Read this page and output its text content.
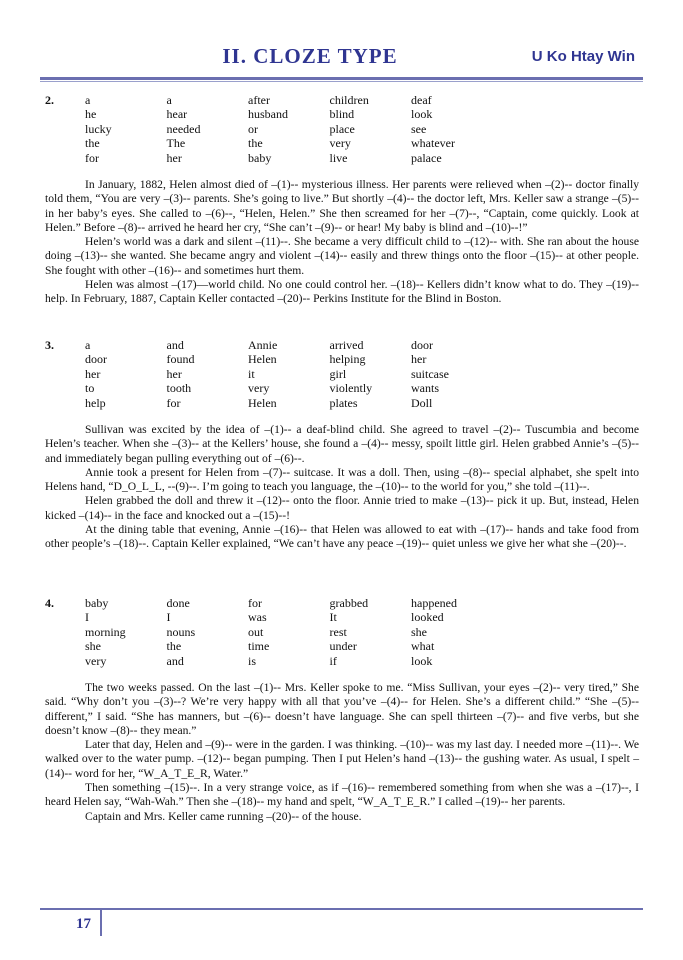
II. CLOZE TYPE	U Ko Htay Win
2.	a	a	after	children	deaf
he	hear	husband	blind	look
lucky	needed	or	place	see
the	The	the	very	whatever
for	her	baby	live	palace

In January, 1882, Helen almost died of –(1)-- mysterious illness. Her parents were relieved when –(2)-- doctor finally told them, “You are very –(3)-- parents. She’s going to live.” But shortly –(4)-- the doctor left, Mrs. Keller saw a strange –(5)-- in her baby’s eyes. She called to –(6)--, “Helen, Helen.” She then screamed for her –(7)--, “Captain, come quickly. Look at Helen.” Before –(8)-- arrived he heard her cry, “She can’t –(9)-- or hear! My baby is blind and –(10)--!”

Helen’s world was a dark and silent –(11)--. She became a very difficult child to –(12)-- with. She ran about the house doing –(13)-- she wanted. She became angry and violent –(14)-- easily and threw things onto the floor –(15)-- at other people. She fought with other –(16)-- and sometimes hurt them.

Helen was almost –(17)—world child. No one could control her. –(18)-- Kellers didn’t know what to do. They –(19)-- help. In February, 1887, Captain Keller contacted –(20)-- Perkins Institute for the Blind in Boston.

3.	a	and	Annie	arrived	door
door	found	Helen	helping	her
her	her	it	girl	suitcase
to	tooth	very	violently	wants
help	for	Helen	plates	Doll

Sullivan was excited by the idea of –(1)-- a deaf-blind child. She agreed to travel –(2)-- Tuscumbia and become Helen’s teacher. When she –(3)-- at the Kellers’ house, she found a –(4)-- messy, spoilt little girl. Helen grabbed Annie’s –(5)-- and immediately began pulling everything out of –(6)--.

Annie took a present for Helen from –(7)-- suitcase. It was a doll. Then, using –(8)-- special alphabet, she spelt into Helens hand, “D_O_L_L, --(9)--. I’m going to teach you language, the –(10)-- to the world for you,” she told –(11)--.

Helen grabbed the doll and threw it –(12)-- onto the floor. Annie tried to make –(13)-- pick it up. But, instead, Helen kicked –(14)-- in the face and knocked out a –(15)--!

At the dining table that evening, Annie –(16)-- that Helen was allowed to eat with –(17)-- hands and take food from other people’s –(18)--. Captain Keller explained, “We can’t have any peace –(19)-- quiet unless we give her what she –(20)--.

4.	baby	done	for	grabbed	happened
I	I	was	It	looked
morning	nouns	out	rest	she
she	the	time	under	what
very	and	is	if	look

The two weeks passed. On the last –(1)-- Mrs. Keller spoke to me. “Miss Sullivan, your eyes –(2)-- very tired,” She said. “Why don’t you –(3)--? We’re very happy with all that you’ve –(4)-- for Helen. She’s a different child.” “She –(5)-- different,” I said. “She has manners, but –(6)-- doesn’t have language. She can spell thirteen –(7)-- and five verbs, but she doesn’t know –(8)-- they mean.”

Later that day, Helen and –(9)-- were in the garden. I was thinking. –(10)-- was my last day. I needed more –(11)--. We walked over to the water pump. –(12)-- began pumping. Then I put Helen’s hand –(13)-- the gushing water. As usual, I spelt –(14)-- word for her, “W_A_T_E_R, Water.”

Then something –(15)--. In a very strange voice, as if –(16)-- remembered something from when she was a –(17)--, I heard Helen say, “Wah-Wah.” Then she –(18)-- my hand and spelt, “W_A_T_E_R.” I called –(19)-- her parents.

Captain and Mrs. Keller came running –(20)-- of the house.

17
